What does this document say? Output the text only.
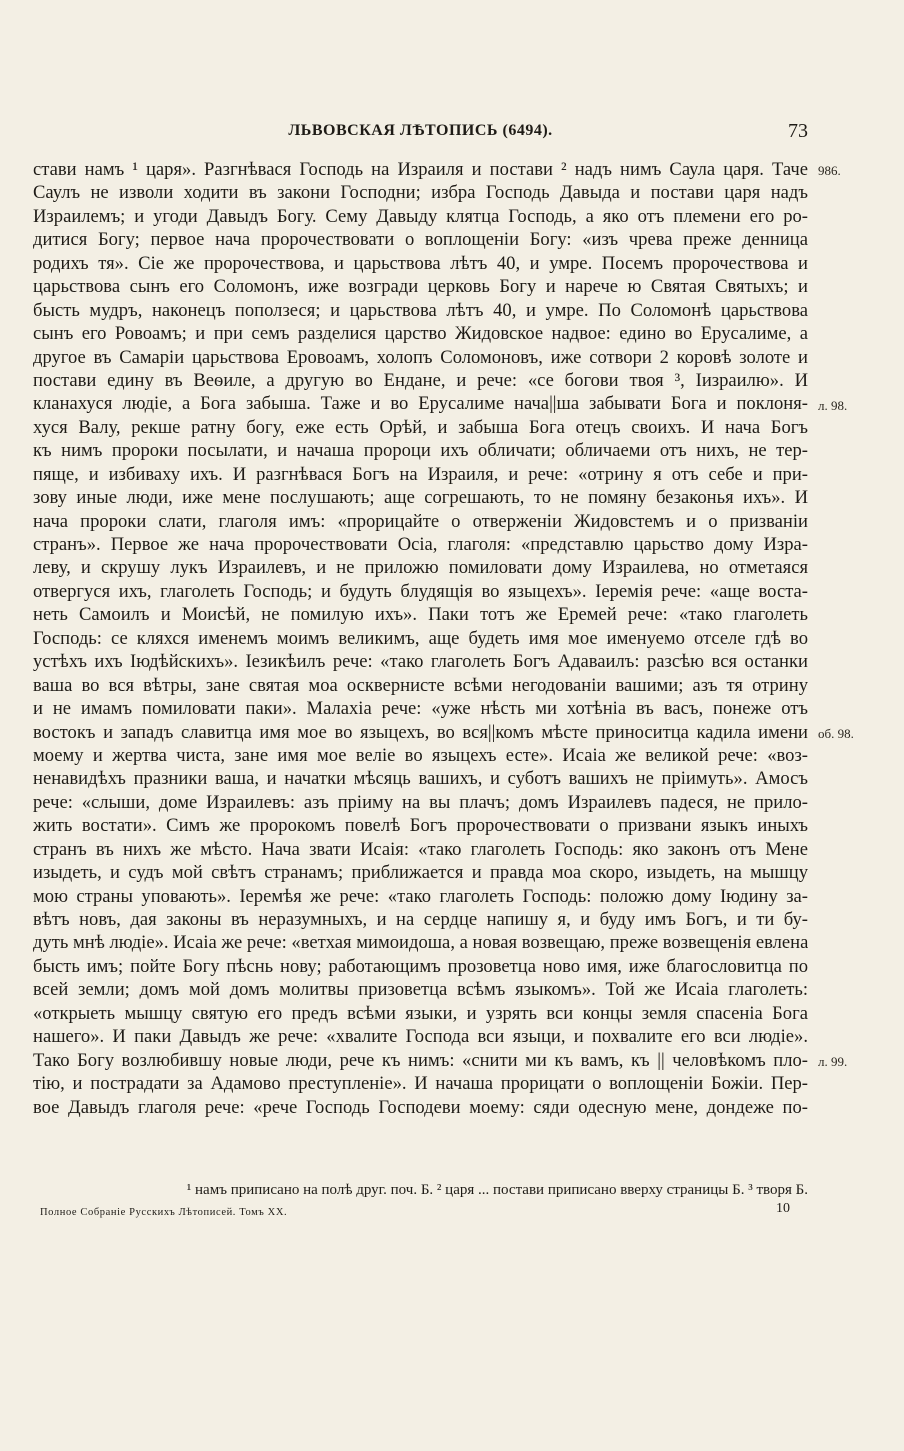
ЛЬВОВСКАЯ ЛѢТОПИСЬ (6494).	73
стави намъ ¹ царя». Разгнѣвася Господь на Израиля и постави ² надъ нимъ Саула царя. Таче
Саулъ не изволи ходити въ закони Господни; избра Господь Давыда и постави царя надъ
Израилемъ; и угоди Давыдъ Богу. Сему Давыду клятца Господь, а яко отъ племени его ро-
дитися Богу; первое нача пророчествовати о воплощеніи Богу: «изъ чрева преже денница
родихъ тя». Сіе же пророчествова, и царьствова лѣтъ 40, и умре. Посемъ пророчествова и
царьствова сынъ его Соломонъ, иже возгради церковь Богу и нарече ю Святая Святыхъ; и
бысть мудръ, наконецъ поползеся; и царьствова лѣтъ 40, и умре. По Соломонѣ царьствова
сынъ его Ровоамъ; и при семъ разделися царство Жидовское надвое: едино во Ерусалиме, а
другое въ Самаріи царьствова Еровоамъ, холопъ Соломоновъ, иже сотвори 2 коровѣ золоте и
постави едину въ Веѳиле, а другую во Ендане, и рече: «се богови твоя ³, Іизраилю». И
кланахуся людіе, а Бога забыша. Таже и во Ерусалиме нача||ша забывати Бога и поклоня-
хуся Валу, рекше ратну богу, еже есть Орѣй, и забыша Бога отецъ своихъ. И нача Богъ
къ нимъ пророки посылати, и начаша пророци ихъ обличати; обличаеми отъ нихъ, не тер-
пяще, и избиваху ихъ. И разгнѣвася Богъ на Израиля, и рече: «отрину я отъ себе и при-
зову иные люди, иже мене послушають; аще согрешають, то не помяну безаконья ихъ». И
нача пророки слати, глаголя имъ: «прорицайте о отверженіи Жидовстемъ и о призваніи
странъ». Первое же нача пророчествовати Осіа, глаголя: «представлю царьство дому Изра-
леву, и скрушу лукъ Израилевъ, и не приложю помиловати дому Израилева, но отметаяся
отвергуся ихъ, глаголеть Господь; и будуть блудящія во языцехъ». Іеремія рече: «аще воста-
неть Самоилъ и Моисѣй, не помилую ихъ». Паки тотъ же Еремей рече: «тако глаголеть
Господь: се кляхся именемъ моимъ великимъ, аще будеть имя мое именуемо отселе гдѣ во
устѣхъ ихъ Іюдѣйскихъ». Іезикѣилъ рече: «тако глаголеть Богъ Адаваилъ: разсѣю вся останки
ваша во вся вѣтры, зане святая моа осквернисте всѣми негодованіи вашими; азъ тя отрину
и не имамъ помиловати паки». Малахіа рече: «уже нѣсть ми хотѣніа въ васъ, понеже отъ
востокъ и западъ славитца имя мое во языцехъ, во вся||комъ мѣсте приноситца кадила имени
моему и жертва чиста, зане имя мое веліе во языцехъ есте». Исаіа же великой рече: «воз-
ненавидѣхъ празники ваша, и начатки мѣсяць вашихъ, и суботъ вашихъ не пріимуть». Амосъ
рече: «слыши, доме Израилевъ: азъ пріиму на вы плачъ; домъ Израилевъ падеся, не прило-
жить востати». Симъ же пророкомъ повелѣ Богъ пророчествовати о призвани языкъ иныхъ
странъ въ нихъ же мѣсто. Нача звати Исаія: «тако глаголеть Господь: яко законъ отъ Мене
изыдеть, и судъ мой свѣтъ странамъ; приближается и правда моа скоро, изыдеть, на мышцу
мою страны уповають». Іеремѣя же рече: «тако глаголеть Господь: положю дому Іюдину за-
вѣтъ новъ, дая законы въ неразумныхъ, и на сердце напишу я, и буду имъ Богъ, и ти бу-
дуть мнѣ людіе». Исаіа же рече: «ветхая мимоидоша, а новая возвещаю, преже возвещенія евлена
бысть имъ; пойте Богу пѣснь нову; работающимъ прозоветца ново имя, иже благословитца по
всей земли; домъ мой домъ молитвы призоветца всѣмъ языкомъ». Той же Исаіа глаголеть:
«открыеть мышцу святую его предъ всѣми языки, и узрять вси концы земля спасеніа Бога
нашего». И паки Давыдъ же рече: «хвалите Господа вси языци, и похвалите его вси людіе».
Тако Богу возлюбившу новые люди, рече къ нимъ: «снити ми къ вамъ, къ || человѣкомъ пло-
тію, и пострадати за Адамово преступленіе». И начаша прорицати о воплощеніи Божіи. Пер-
вое Давыдъ глаголя рече: «рече Господь Господеви моему: сяди одесную мене, дондеже по-
986.
л. 98.
об. 98.
л. 99.
¹ намъ приписано на полѣ друг. поч. Б. ² царя ... постави приписано вверху страницы Б. ³ творя Б.
Полное Собраніе Русскихъ Лѣтописей. Томъ XX.	10
